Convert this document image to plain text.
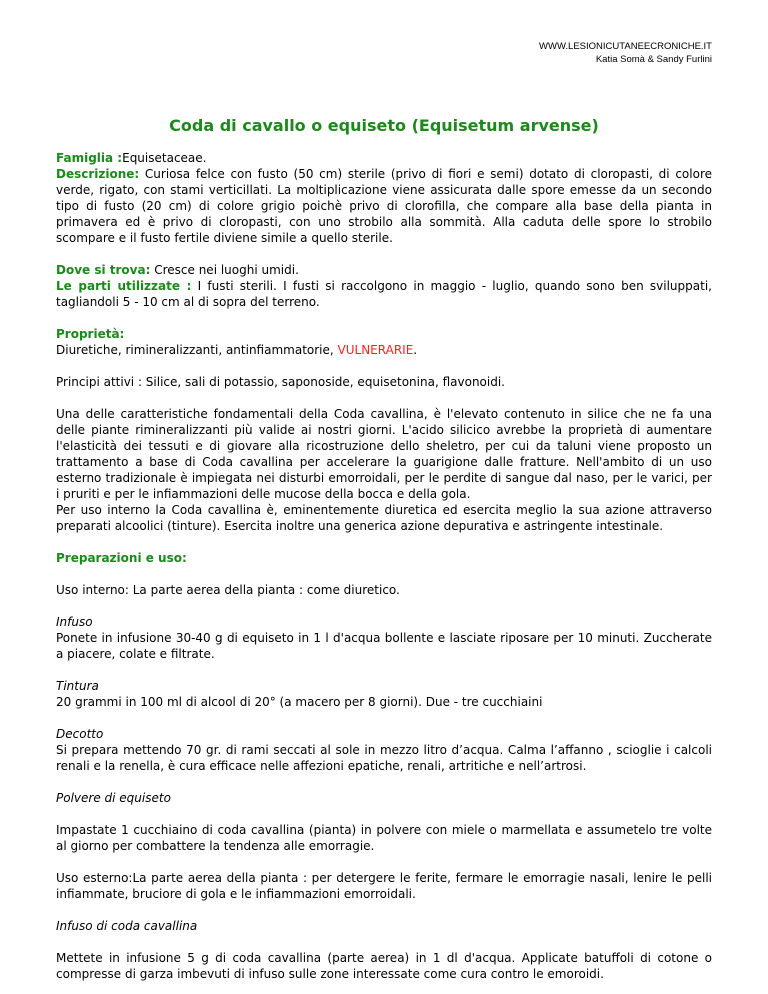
WWW.LESIONICUTANEECRONICHE.IT
Katia Somà & Sandy Furlini
Coda di cavallo o equiseto (Equisetum arvense)

Famiglia :Equisetaceae.

Descrizione: Curiosa felce con fusto (50 cm) sterile (privo di fiori e semi) dotato di cloropasti, di colore verde, rigato, con stami verticillati. La moltiplicazione viene assicurata dalle spore emesse da un secondo tipo di fusto (20 cm) di colore grigio poichè privo di clorofilla, che compare alla base della pianta in primavera ed è privo di cloropasti, con uno strobilo alla sommità. Alla caduta delle spore lo strobilo scompare e il fusto fertile diviene simile a quello sterile.

Dove si trova: Cresce nei luoghi umidi.

Le parti utilizzate : I fusti sterili. I fusti si raccolgono in maggio - luglio, quando sono ben sviluppati, tagliandoli 5 - 10 cm al di sopra del terreno.

Proprietà:

Diuretiche, rimineralizzanti, antinfiammatorie, VULNERARIE.

Principi attivi : Silice, sali di potassio, saponoside, equisetonina, flavonoidi.

Una delle caratteristiche fondamentali della Coda cavallina, è l'elevato contenuto in silice che ne fa una delle piante rimineralizzanti più valide ai nostri giorni. L'acido silicico avrebbe la proprietà di aumentare l'elasticità dei tessuti e di giovare alla ricostruzione dello sheletro, per cui da taluni viene proposto un trattamento a base di Coda cavallina per accelerare la guarigione dalle fratture. Nell'ambito di un uso esterno tradizionale è impiegata nei disturbi emorroidali, per le perdite di sangue dal naso, per le varici, per i pruriti e per le infiammazioni delle mucose della bocca e della gola.

Per uso interno la Coda cavallina è, eminentemente diuretica ed esercita meglio la sua azione attraverso preparati alcoolici (tinture). Esercita inoltre una generica azione depurativa e astringente intestinale.

Preparazioni e uso:

Uso interno: La parte aerea della pianta : come diuretico.

Infuso

Ponete in infusione 30-40 g di equiseto in 1 l d'acqua bollente e lasciate riposare per 10 minuti. Zuccherate a piacere, colate e filtrate.

Tintura

20 grammi in 100 ml di alcool di 20° (a macero per 8 giorni). Due - tre cucchiaini

Decotto

Si prepara mettendo 70 gr. di rami seccati al sole in mezzo litro d’acqua. Calma l’affanno , scioglie i calcoli renali e la renella, è cura efficace nelle affezioni epatiche, renali, artritiche e nell’artrosi.

Polvere di equiseto

Impastate 1 cucchiaino di coda cavallina (pianta) in polvere con miele o marmellata e assumetelo tre volte al giorno per combattere la tendenza alle emorragie.

Uso esterno:La parte aerea della pianta : per detergere le ferite, fermare le emorragie nasali, lenire le pelli infiammate, bruciore di gola e le infiammazioni emorroidali.

Infuso di coda cavallina

Mettete in infusione 5 g di coda cavallina (parte aerea) in 1 dl d'acqua. Applicate batuffoli di cotone o compresse di garza imbevuti di infuso sulle zone interessate come cura contro le emoroidi.
